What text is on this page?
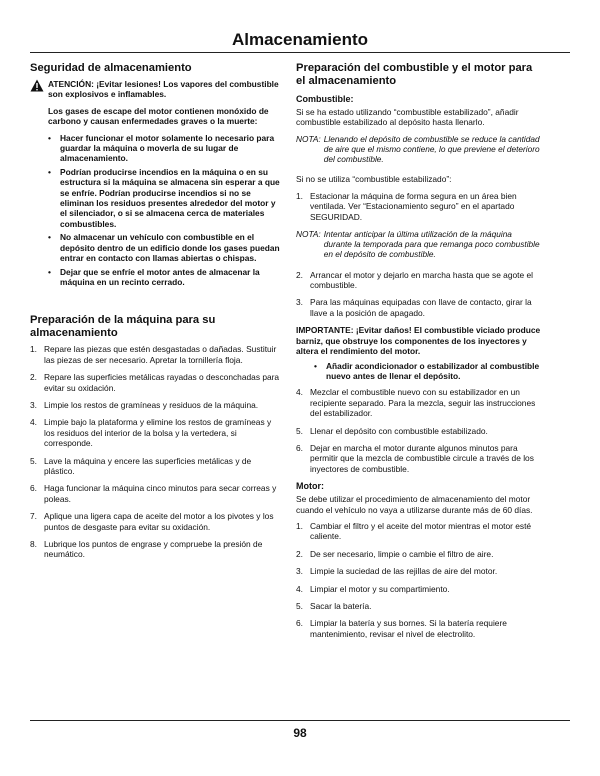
Almacenamiento
Seguridad de almacenamiento
ATENCIÓN: ¡Evitar lesiones! Los vapores del combustible son explosivos e inflamables.

Los gases de escape del motor contienen monóxido de carbono y causan enfermedades graves o la muerte:

• Hacer funcionar el motor solamente lo necesario para guardar la máquina o moverla de su lugar de almacenamiento.
• Podrían producirse incendios en la máquina o en su estructura si la máquina se almacena sin esperar a que se enfríe. Podrían producirse incendios si no se eliminan los residuos presentes alrededor del motor y el silenciador, o si se almacena cerca de materiales combustibles.
• No almacenar un vehículo con combustible en el depósito dentro de un edificio donde los gases puedan entrar en contacto con llamas abiertas o chispas.
• Dejar que se enfríe el motor antes de almacenar la máquina en un recinto cerrado.
Preparación de la máquina para su almacenamiento
1. Repare las piezas que estén desgastadas o dañadas. Sustituir las piezas de ser necesario. Apretar la tornillería floja.
2. Repare las superficies metálicas rayadas o desconchadas para evitar su oxidación.
3. Limpie los restos de gramíneas y residuos de la máquina.
4. Limpie bajo la plataforma y elimine los restos de gramíneas y los residuos del interior de la bolsa y la vertedera, si corresponde.
5. Lave la máquina y encere las superficies metálicas y de plástico.
6. Haga funcionar la máquina cinco minutos para secar correas y poleas.
7. Aplique una ligera capa de aceite del motor a los pivotes y los puntos de desgaste para evitar su oxidación.
8. Lubrique los puntos de engrase y compruebe la presión de neumático.
Preparación del combustible y el motor para el almacenamiento
Combustible:

Si se ha estado utilizando “combustible estabilizado”, añadir combustible estabilizado al depósito hasta llenarlo.

NOTA: Llenando el depósito de combustible se reduce la cantidad de aire que el mismo contiene, lo que previene el deterioro del combustible.

Si no se utiliza “combustible estabilizado”:

1. Estacionar la máquina de forma segura en un área bien ventilada. Ver “Estacionamiento seguro” en el apartado SEGURIDAD.
NOTA: Intentar anticipar la última utilización de la máquina durante la temporada para que remanga poco combustible en el depósito de combustible.
2. Arrancar el motor y dejarlo en marcha hasta que se agote el combustible.
3. Para las máquinas equipadas con llave de contacto, girar la llave a la posición de apagado.
IMPORTANTE: ¡Evitar daños! El combustible viciado produce barniz, que obstruye los componentes de los inyectores y altera el rendimiento del motor.
• Añadir acondicionador o estabilizador al combustible nuevo antes de llenar el depósito.
4. Mezclar el combustible nuevo con su estabilizador en un recipiente separado. Para la mezcla, seguir las instrucciones del estabilizador.
5. Llenar el depósito con combustible estabilizado.
6. Dejar en marcha el motor durante algunos minutos para permitir que la mezcla de combustible circule a través de los inyectores de combustible.
Motor:

Se debe utilizar el procedimiento de almacenamiento del motor cuando el vehículo no vaya a utilizarse durante más de 60 días.

1. Cambiar el filtro y el aceite del motor mientras el motor esté caliente.
2. De ser necesario, limpie o cambie el filtro de aire.
3. Limpie la suciedad de las rejillas de aire del motor.
4. Limpiar el motor y su compartimiento.
5. Sacar la batería.
6. Limpiar la batería y sus bornes. Si la batería requiere mantenimiento, revisar el nivel de electrolito.
98
